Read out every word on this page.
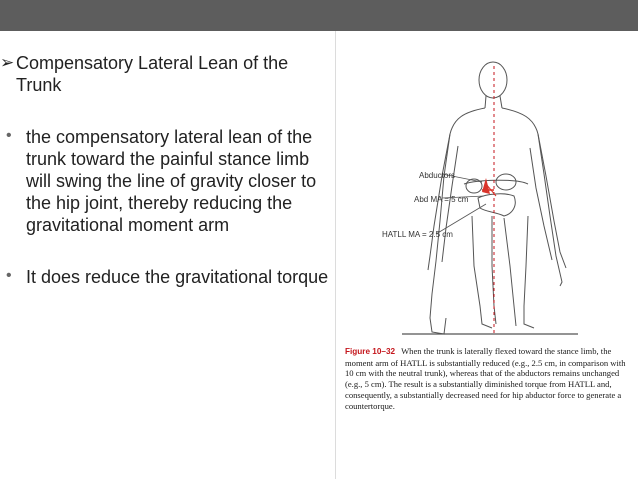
➢ Compensatory Lateral Lean of the Trunk
• the compensatory lateral lean of the trunk toward the painful stance limb will swing the line of gravity closer to the hip joint, thereby reducing the gravitational moment arm
• It does reduce the gravitational torque
Abductors
Abd MA = 5 cm
HATLL MA = 2.5 cm
Figure 10–32 When the trunk is laterally flexed toward the stance limb, the moment arm of HATLL is substantially reduced (e.g., 2.5 cm, in comparison with 10 cm with the neutral trunk), whereas that of the abductors remains unchanged (e.g., 5 cm). The result is a substantially diminished torque from HATLL and, consequently, a substantially decreased need for hip abductor force to generate a countertorque.
